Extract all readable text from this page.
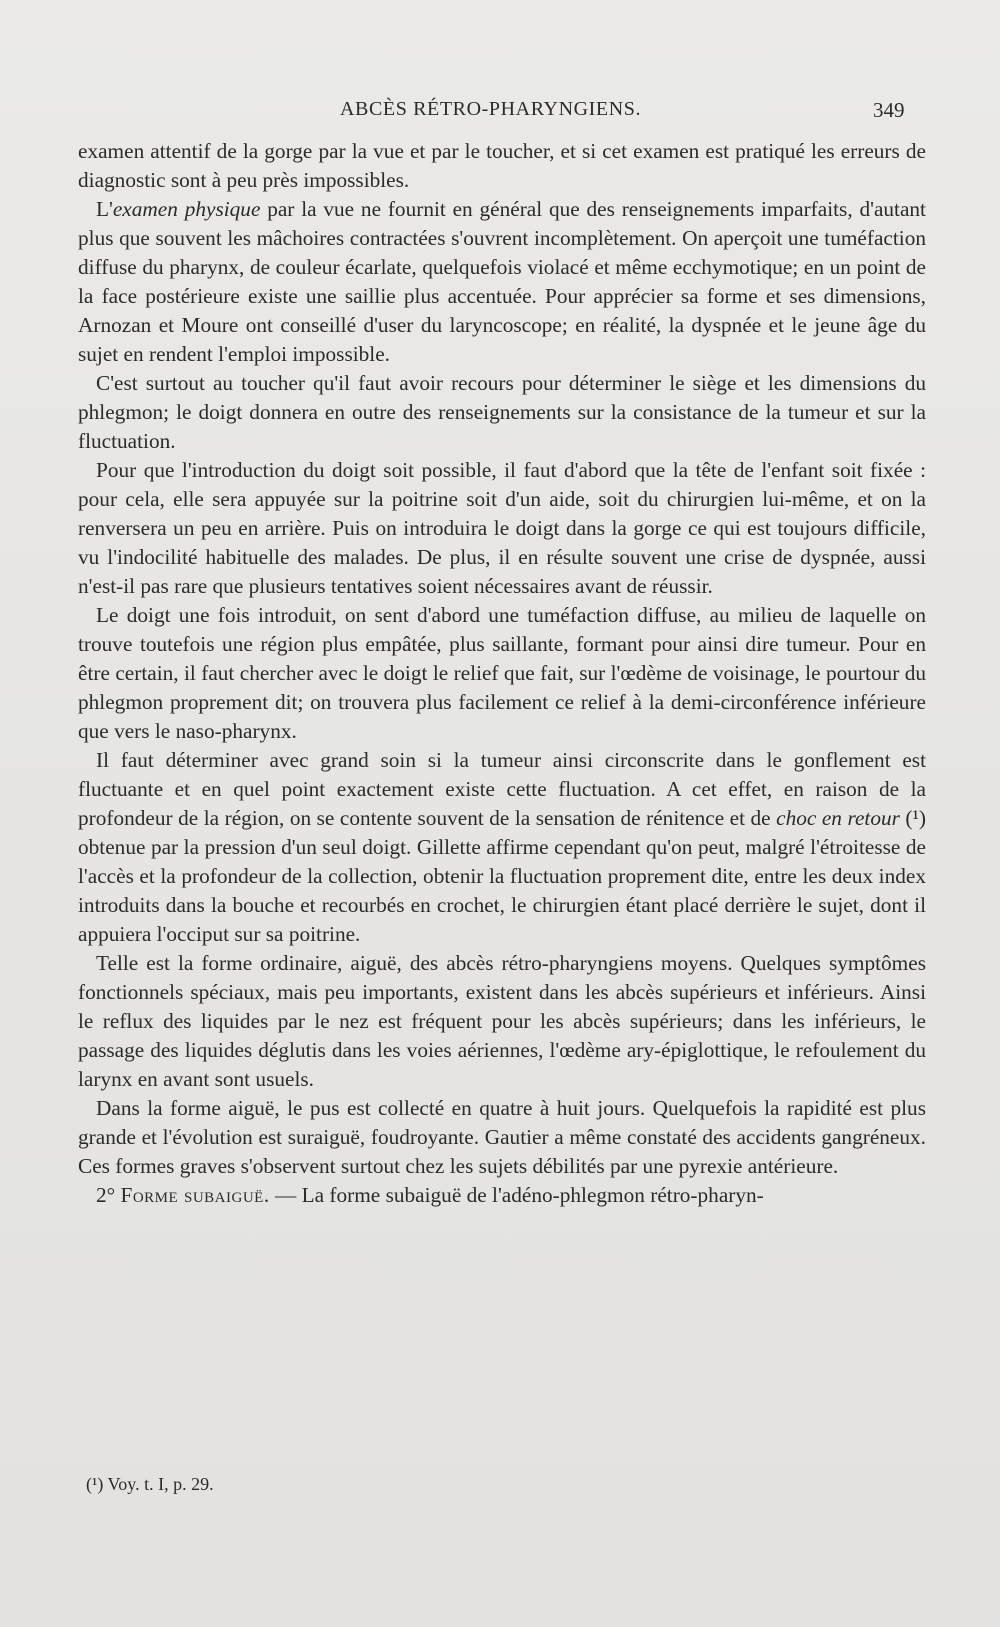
ABCÈS RÉTRO-PHARYNGIENS.	349

examen attentif de la gorge par la vue et par le toucher, et si cet examen est pratiqué les erreurs de diagnostic sont à peu près impossibles.

L'examen physique par la vue ne fournit en général que des renseignements imparfaits, d'autant plus que souvent les mâchoires contractées s'ouvrent incomplètement. On aperçoit une tuméfaction diffuse du pharynx, de couleur écarlate, quelquefois violacé et même ecchymotique; en un point de la face postérieure existe une saillie plus accentuée. Pour apprécier sa forme et ses dimensions, Arnozan et Moure ont conseillé d'user du laryncoscope; en réalité, la dyspnée et le jeune âge du sujet en rendent l'emploi impossible.

C'est surtout au toucher qu'il faut avoir recours pour déterminer le siège et les dimensions du phlegmon; le doigt donnera en outre des renseignements sur la consistance de la tumeur et sur la fluctuation.

Pour que l'introduction du doigt soit possible, il faut d'abord que la tête de l'enfant soit fixée : pour cela, elle sera appuyée sur la poitrine soit d'un aide, soit du chirurgien lui-même, et on la renversera un peu en arrière. Puis on introduira le doigt dans la gorge ce qui est toujours difficile, vu l'indocilité habituelle des malades. De plus, il en résulte souvent une crise de dyspnée, aussi n'est-il pas rare que plusieurs tentatives soient nécessaires avant de réussir.

Le doigt une fois introduit, on sent d'abord une tuméfaction diffuse, au milieu de laquelle on trouve toutefois une région plus empâtée, plus saillante, formant pour ainsi dire tumeur. Pour en être certain, il faut chercher avec le doigt le relief que fait, sur l'œdème de voisinage, le pourtour du phlegmon proprement dit; on trouvera plus facilement ce relief à la demi-circonférence inférieure que vers le naso-pharynx.

Il faut déterminer avec grand soin si la tumeur ainsi circonscrite dans le gonflement est fluctuante et en quel point exactement existe cette fluctuation. A cet effet, en raison de la profondeur de la région, on se contente souvent de la sensation de rénitence et de choc en retour (¹) obtenue par la pression d'un seul doigt. Gillette affirme cependant qu'on peut, malgré l'étroitesse de l'accès et la profondeur de la collection, obtenir la fluctuation proprement dite, entre les deux index introduits dans la bouche et recourbés en crochet, le chirurgien étant placé derrière le sujet, dont il appuiera l'occiput sur sa poitrine.

Telle est la forme ordinaire, aiguë, des abcès rétro-pharyngiens moyens. Quelques symptômes fonctionnels spéciaux, mais peu importants, existent dans les abcès supérieurs et inférieurs. Ainsi le reflux des liquides par le nez est fréquent pour les abcès supérieurs; dans les inférieurs, le passage des liquides déglutis dans les voies aériennes, l'œdème ary-épiglottique, le refoulement du larynx en avant sont usuels.

Dans la forme aiguë, le pus est collecté en quatre à huit jours. Quelquefois la rapidité est plus grande et l'évolution est suraiguë, foudroyante. Gautier a même constaté des accidents gangréneux. Ces formes graves s'observent surtout chez les sujets débilités par une pyrexie antérieure.

2° Forme subaiguë. — La forme subaiguë de l'adéno-phlegmon rétro-pharyn-

(¹) Voy. t. I, p. 29.
